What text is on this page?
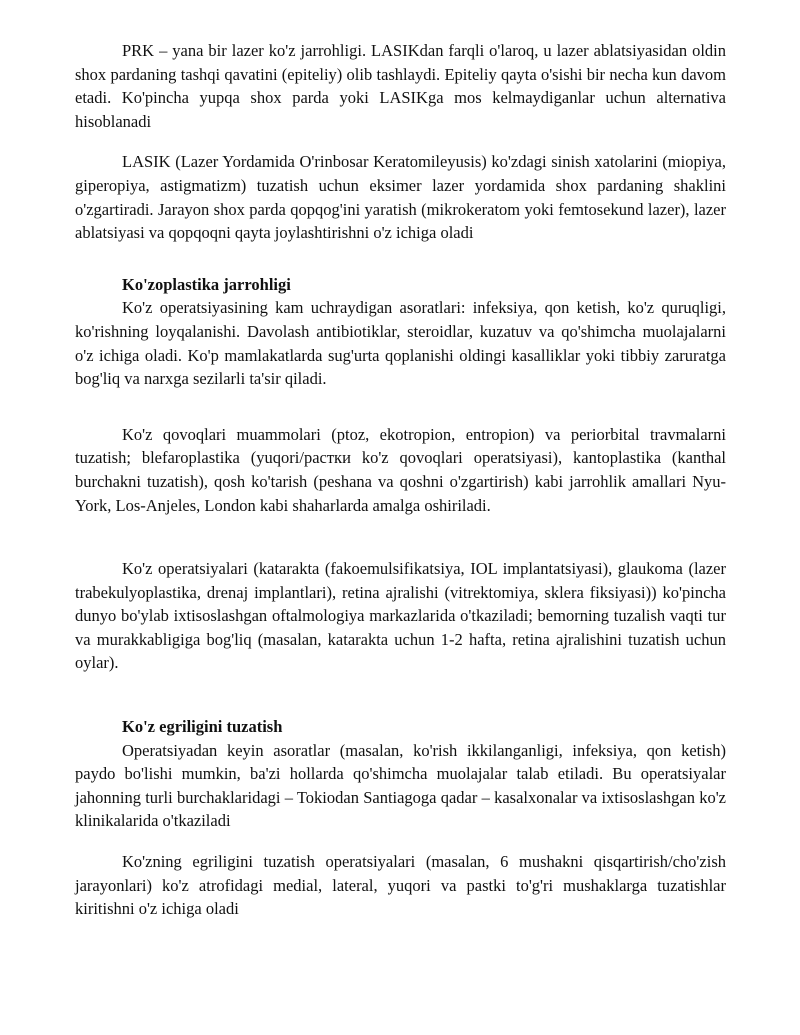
PRK – yana bir lazer ko'z jarrohligi. LASIKdan farqli o'laroq, u lazer ablatsiyasidan oldin shox pardaning tashqi qavatini (epiteliy) olib tashlaydi. Epiteliy qayta o'sishi bir necha kun davom etadi. Ko'pincha yupqa shox parda yoki LASIKga mos kelmaydiganlar uchun alternativa hisoblanadi

LASIK (Lazer Yordamida O'rinbosar Keratomileyusis) ko'zdagi sinish xatolarini (miopiya, giperopiya, astigmatizm) tuzatish uchun eksimer lazer yordamida shox pardaning shaklini o'zgartiradi. Jarayon shox parda qopqog'ini yaratish (mikrokeratom yoki femtosekund lazer), lazer ablatsiyasi va qopqoqni qayta joylashtirishni o'z ichiga oladi

Ko'zoplastika jarrohligi

Ko'z operatsiyasining kam uchraydigan asoratlari: infeksiya, qon ketish, ko'z quruqligi, ko'rishning loyqalanishi. Davolash antibiotiklar, steroidlar, kuzatuv va qo'shimcha muolajalarni o'z ichiga oladi. Ko'p mamlakatlarda sug'urta qoplanishi oldingi kasalliklar yoki tibbiy zaruratga bog'liq va narxga sezilarli ta'sir qiladi.

Ko'z qovoqlari muammolari (ptoz, ekotropion, entropion) va periorbital travmalarni tuzatish; blefaroplastika (yuqori/растки ko'z qovoqlari operatsiyasi), kantoplastika (kanthal burchakni tuzatish), qosh ko'tarish (peshana va qoshni o'zgartirish) kabi jarrohlik amallari Nyu-York, Los-Anjeles, London kabi shaharlarda amalga oshiriladi.

Ko'z operatsiyalari (katarakta (fakoemulsifikatsiya, IOL implantatsiyasi), glaukoma (lazer trabekulyoplastika, drenaj implantlari), retina ajralishi (vitrektomiya, sklera fiksiyasi)) ko'pincha dunyo bo'ylab ixtisoslashgan oftalmologiya markazlarida o'tkaziladi; bemorning tuzalish vaqti tur va murakkabligiga bog'liq (masalan, katarakta uchun 1-2 hafta, retina ajralishini tuzatish uchun oylar).

Ko'z egriligini tuzatish

Operatsiyadan keyin asoratlar (masalan, ko'rish ikkilanganligi, infeksiya, qon ketish) paydo bo'lishi mumkin, ba'zi hollarda qo'shimcha muolajalar talab etiladi. Bu operatsiyalar jahonning turli burchaklaridagi – Tokiodan Santiagoga qadar – kasalxonalar va ixtisoslashgan ko'z klinikalarida o'tkaziladi

Ko'zning egriligini tuzatish operatsiyalari (masalan, 6 mushakni qisqartirish/cho'zish jarayonlari) ko'z atrofidagi medial, lateral, yuqori va pastki to'g'ri mushaklarga tuzatishlar kiritishni o'z ichiga oladi
